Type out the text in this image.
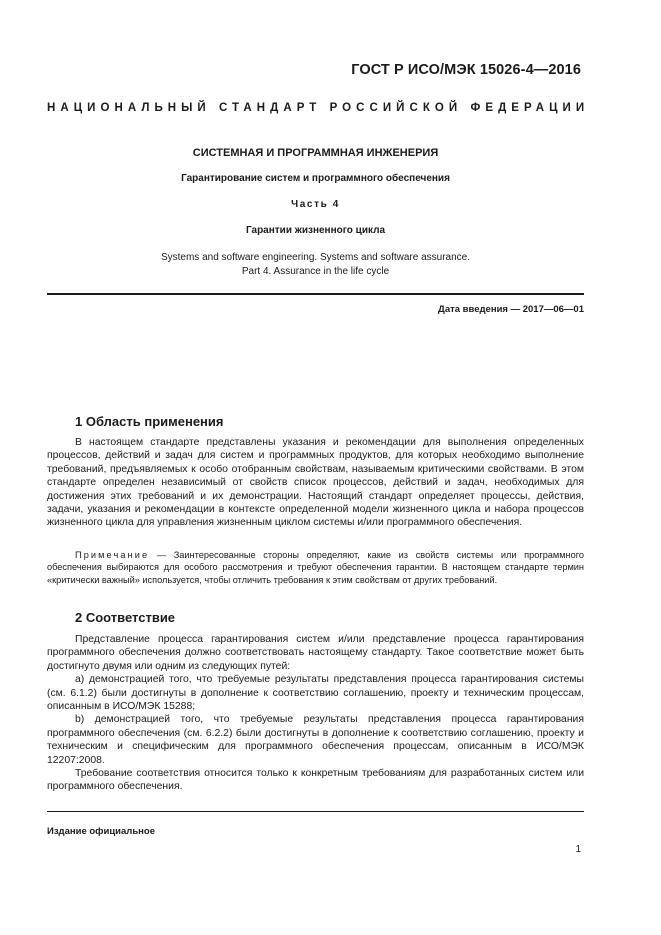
ГОСТ Р ИСО/МЭК 15026-4—2016
НАЦИОНАЛЬНЫЙ СТАНДАРТ РОССИЙСКОЙ ФЕДЕРАЦИИ
СИСТЕМНАЯ И ПРОГРАММНАЯ ИНЖЕНЕРИЯ
Гарантирование систем и программного обеспечения
Часть 4
Гарантии жизненного цикла
Systems and software engineering. Systems and software assurance.
Part 4. Assurance in the life cycle
Дата введения — 2017—06—01
1 Область применения

В настоящем стандарте представлены указания и рекомендации для выполнения определенных процессов, действий и задач для систем и программных продуктов, для которых необходимо выполнение требований, предъявляемых к особо отобранным свойствам, называемым критическими свойствами. В этом стандарте определен независимый от свойств список процессов, действий и задач, необходимых для достижения этих требований и их демонстрации. Настоящий стандарт определяет процессы, действия, задачи, указания и рекомендации в контексте определенной модели жизненного цикла и набора процессов жизненного цикла для управления жизненным циклом системы и/или программного обеспечения.

Примечание — Заинтересованные стороны определяют, какие из свойств системы или программного обеспечения выбираются для особого рассмотрения и требуют обеспечения гарантии. В настоящем стандарте термин «критически важный» используется, чтобы отличить требования к этим свойствам от других требований.
2 Соответствие

Представление процесса гарантирования систем и/или представление процесса гарантирования программного обеспечения должно соответствовать настоящему стандарту. Такое соответствие может быть достигнуто двумя или одним из следующих путей:

a) демонстрацией того, что требуемые результаты представления процесса гарантирования системы (см. 6.1.2) были достигнуты в дополнение к соответствию соглашению, проекту и техническим процессам, описанным в ИСО/МЭК 15288;

b) демонстрацией того, что требуемые результаты представления процесса гарантирования программного обеспечения (см. 6.2.2) были достигнуты в дополнение к соответствию соглашению, проекту и техническим и специфическим для программного обеспечения процессам, описанным в ИСО/МЭК 12207:2008.

Требование соответствия относится только к конкретным требованиям для разработанных систем или программного обеспечения.

Издание официальное
1
